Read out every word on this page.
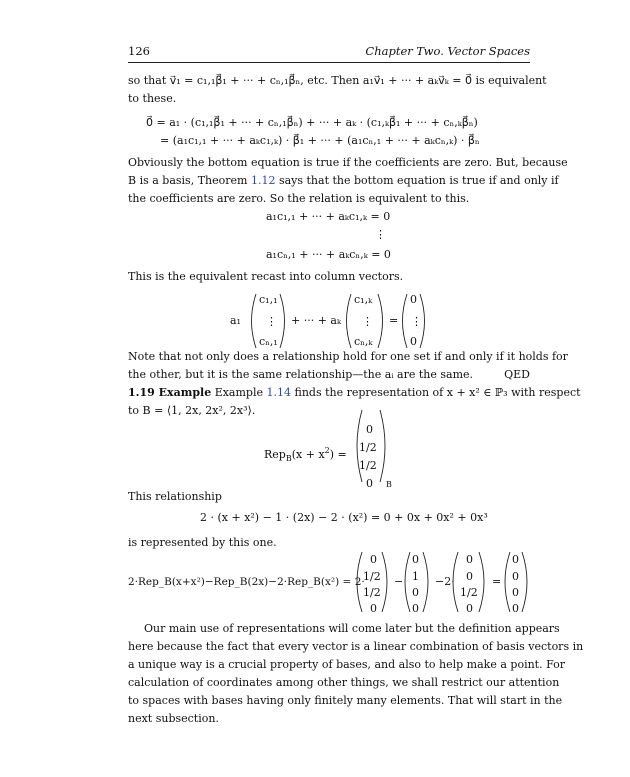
126	Chapter Two. Vector Spaces
so that v⃗₁ = c₁,₁β⃗₁ + ··· + cₙ,₁β⃗ₙ, etc. Then a₁v⃗₁ + ··· + aₖv⃗ₖ = 0⃗ is equivalent
to these.
0⃗ = a₁ · (c₁,₁β⃗₁ + ··· + cₙ,₁β⃗ₙ) + ··· + aₖ · (c₁,ₖβ⃗₁ + ··· + cₙ,ₖβ⃗ₙ)
= (a₁c₁,₁ + ··· + aₖc₁,ₖ) · β⃗₁ + ··· + (a₁cₙ,₁ + ··· + aₖcₙ,ₖ) · β⃗ₙ
Obviously the bottom equation is true if the coefficients are zero. But, because
B is a basis, Theorem 1.12 says that the bottom equation is true if and only if
the coefficients are zero. So the relation is equivalent to this.
a₁c₁,₁ + ··· + aₖc₁,ₖ = 0
⋮
a₁cₙ,₁ + ··· + aₖcₙ,ₖ = 0
This is the equivalent recast into column vectors.
a₁
c₁,₁
⋮
cₙ,₁
+ ··· + aₖ
c₁,ₖ
⋮
cₙ,ₖ
=
0
⋮
0
$Rep_B(x + x^2)$ =
0
1/2
1/2
0 B
0
1/2
1/2
0
−
0
1
0
0
−2·
0
0
1/2
0
=
0
0
0
0
Note that not only does a relationship hold for one set if and only if it holds for
the other, but it is the same relationship—the aᵢ are the same.	QED
1.19 Example Example 1.14 finds the representation of x + x² ∈ ℙ₃ with respect
to B = ⟨1, 2x, 2x², 2x³⟩.
This relationship
2 · (x + x²) − 1 · (2x) − 2 · (x²) = 0 + 0x + 0x² + 0x³
is represented by this one.
2·Rep_B(x+x²)−Rep_B(2x)−2·Rep_B(x²) = 2·
Our main use of representations will come later but the definition appears
here because the fact that every vector is a linear combination of basis vectors in
a unique way is a crucial property of bases, and also to help make a point. For
calculation of coordinates among other things, we shall restrict our attention
to spaces with bases having only finitely many elements. That will start in the
next subsection.
